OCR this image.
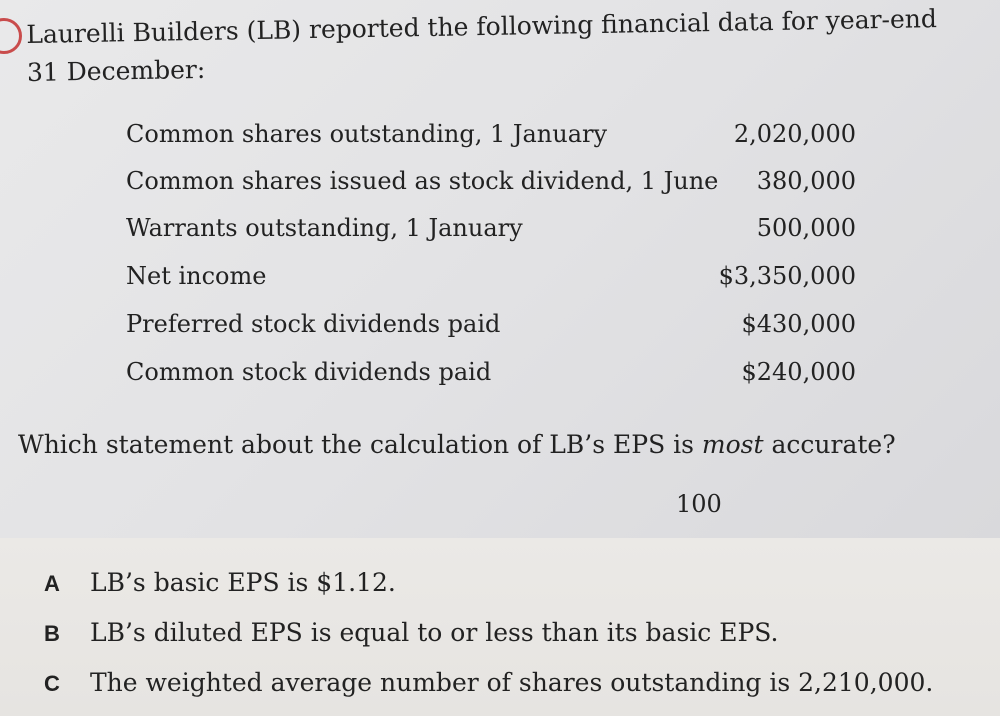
Laurelli Builders (LB) reported the following financial data for year-end 31 December:
Common shares outstanding, 1 January	2,020,000
Common shares issued as stock dividend, 1 June 380,000
Warrants outstanding, 1 January	500,000
Net income	$3,350,000
Preferred stock dividends paid	$430,000
Common stock dividends paid	$240,000
Which statement about the calculation of LB’s EPS is most accurate?
100
A LB’s basic EPS is $1.12.
B LB’s diluted EPS is equal to or less than its basic EPS.
C The weighted average number of shares outstanding is 2,210,000.
